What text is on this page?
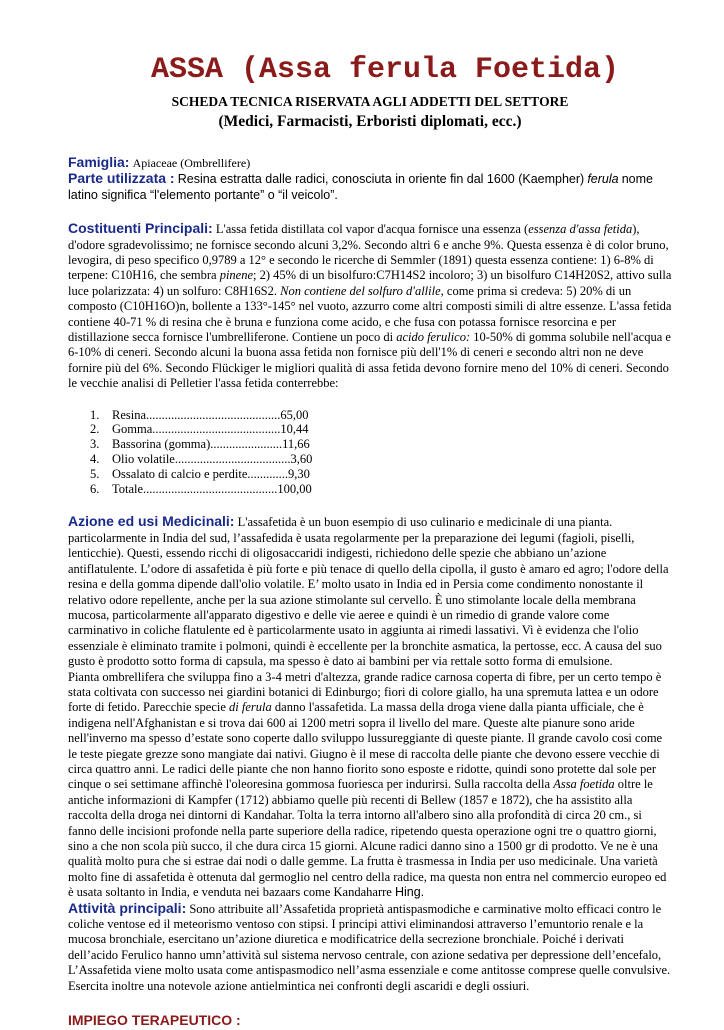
ASSA (Assa ferula Foetida)
SCHEDA TECNICA RISERVATA AGLI ADDETTI DEL SETTORE
(Medici, Farmacisti, Erboristi diplomati, ecc.)
Famiglia: Apiaceae (Ombrellifere)
Parte utilizzata : Resina estratta dalle radici, conosciuta in oriente fin dal 1600 (Kaempher) ferula nome latino significa “l'elemento portante” o “il veicolo”.

Costituenti Principali: L'assa fetida distillata col vapor d'acqua fornisce una essenza (essenza d'assa fetida), d'odore sgradevolissimo; ne fornisce secondo alcuni 3,2%. Secondo altri 6 e anche 9%. Questa essenza è di color bruno, levogira, di peso specifico 0,9789 a 12° e secondo le ricerche di Semmler (1891) questa essenza contiene: 1) 6-8% di terpene: C10H16, che sembra pinene; 2) 45% di un bisolfuro:C7H14S2 incoloro; 3) un bisolfuro C14H20S2, attivo sulla luce polarizzata: 4) un solfuro: C8H16S2. Non contiene del solfuro d'allile, come prima si credeva: 5) 20% di un composto (C10H16O)n, bollente a 133°-145° nel vuoto, azzurro come altri composti simili di altre essenze. L'assa fetida contiene 40-71 % di resina che è bruna e funziona come acido, e che fusa con potassa fornisce resorcina e per distillazione secca fornisce l'umbrelliferone. Contiene un poco di acido ferulico: 10-50% di gomma solubile nell'acqua e 6-10% di ceneri. Secondo alcuni la buona assa fetida non fornisce più dell'1% di ceneri e secondo altri non ne deve fornire più del 6%. Secondo Flückiger le migliori qualità di assa fetida devono fornire meno del 10% di ceneri. Secondo le vecchie analisi di Pelletier l'assa fetida conterrebbe:

1. Resina...........................................65,00
2. Gomma.........................................10,44
3. Bassorina (gomma).......................11,66
4. Olio volatile.....................................3,60
5. Ossalato di calcio e perdite.............9,30
6. Totale...........................................100,00

Azione ed usi Medicinali: L'assafetida è un buon esempio di uso culinario e medicinale di una pianta. particolarmente in India del sud, l’assafedida è usata regolarmente per la preparazione dei legumi (fagioli, piselli, lenticchie). Questi, essendo ricchi di oligosaccaridi indigesti, richiedono delle spezie che abbiano un’azione antiflatulente. L’odore di assafetida è più forte e più tenace di quello della cipolla, il gusto è amaro ed agro; l'odore della resina e della gomma dipende dall'olio volatile. E’ molto usato in India ed in Persia come condimento nonostante il relativo odore repellente, anche per la sua azione stimolante sul cervello. È uno stimolante locale della membrana mucosa, particolarmente all'apparato digestivo e delle vie aeree e quindi è un rimedio di grande valore come carminativo in coliche flatulente ed è particolarmente usato in aggiunta ai rimedi lassativi. Vi è evidenza che l'olio essenziale è eliminato tramite i polmoni, quindi è eccellente per la bronchite asmatica, la pertosse, ecc. A causa del suo gusto è prodotto sotto forma di capsula, ma spesso è dato ai bambini per via rettale sotto forma di emulsione.

Pianta ombrellifera che sviluppa fino a 3-4 metri d'altezza, grande radice carnosa coperta di fibre, per un certo tempo è stata coltivata con successo nei giardini botanici di Edinburgo; fiori di colore giallo, ha una spremuta lattea e un odore forte di fetido. Parecchie specie di ferula danno l'assafetida. La massa della droga viene dalla pianta ufficiale, che è indigena nell'Afghanistan e si trova dai 600 ai 1200 metri sopra il livello del mare. Queste alte pianure sono aride nell'inverno ma spesso d’estate sono coperte dallo sviluppo lussureggiante di queste piante. Il grande cavolo cosi come le teste piegate grezze sono mangiate dai nativi. Giugno è il mese di raccolta delle piante che devono essere vecchie di circa quattro anni. Le radici delle piante che non hanno fiorito sono esposte e ridotte, quindi sono protette dal sole per cinque o sei settimane affinchè l'oleoresina gommosa fuoriesca per indurirsi. Sulla raccolta della Assa foetida oltre le antiche informazioni di Kampfer (1712) abbiamo quelle più recenti di Bellew (1857 e 1872), che ha assistito alla raccolta della droga nei dintorni di Kandahar. Tolta la terra intorno all'albero sino alla profondità di circa 20 cm., si fanno delle incisioni profonde nella parte superiore della radice, ripetendo questa operazione ogni tre o quattro giorni, sino a che non scola più succo, il che dura circa 15 giorni. Alcune radici danno sino a 1500 gr di prodotto. Ve ne è una qualità molto pura che si estrae dai nodi o dalle gemme. La frutta è trasmessa in India per uso medicinale. Una varietà molto fine di assafetida è ottenuta dal germoglio nel centro della radice, ma questa non entra nel commercio europeo ed è usata soltanto in India, e venduta nei bazaars come Kandaharre Hing.

Attività principali: Sono attribuite all’Assafetida proprietà antispasmodiche e carminative molto efficaci contro le coliche ventose ed il meteorismo ventoso con stipsi. I principi attivi eliminandosi attraverso l’emuntorio renale e la mucosa bronchiale, esercitano un’azione diuretica e modificatrice della secrezione bronchiale. Poiché i derivati dell’acido Ferulico hanno umn’attività sul sistema nervoso centrale, con azione sedativa per depressione dell’encefalo, L’Assafetida viene molto usata come antispasmodico nell’asma essenziale e come antitosse comprese quelle convulsive. Esercita inoltre una notevole azione antielmintica nei confronti degli ascaridi e degli ossiuri.

IMPIEGO TERAPEUTICO :
